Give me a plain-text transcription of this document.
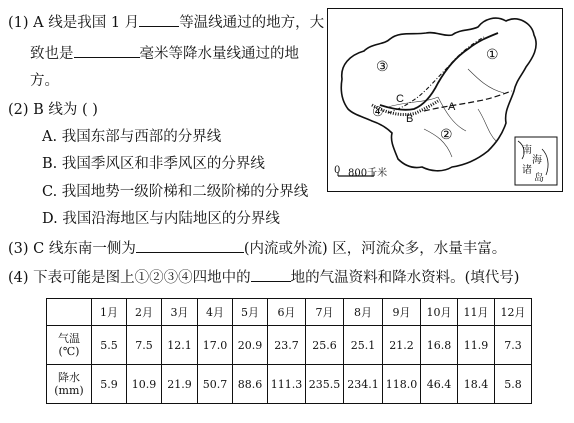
(1) A 线是我国 1 月	等温线通过的地方，大
致也是	毫米等降水量线通过的地
方。
(2) B 线为 ( )
A. 我国东部与西部的分界线
B. 我国季风区和非季风区的分界线
C. 我国地势一级阶梯和二级阶梯的分界线
D. 我国沿海地区与内陆地区的分界线
(3) C 线东南一侧为	(内流或外流) 区，河流众多，水量丰富。
(4) 下表可能是图上①②③④四地中的	地的气温资料和降水资料。(填代号)
③
①
④
②
A
B
C
0 800千米
南
海
诸
岛
	1月	2月	3月	4月	5月	6月	7月	8月	9月	10月	11月	12月

气温
(℃)	5.5	7.5	12.1	17.0	20.9	23.7	25.6	25.1	21.2	16.8	11.9	7.3

降水
(mm)	5.9	10.9	21.9	50.7	88.6	111.3	235.5	234.1	118.0	46.4	18.4	5.8
